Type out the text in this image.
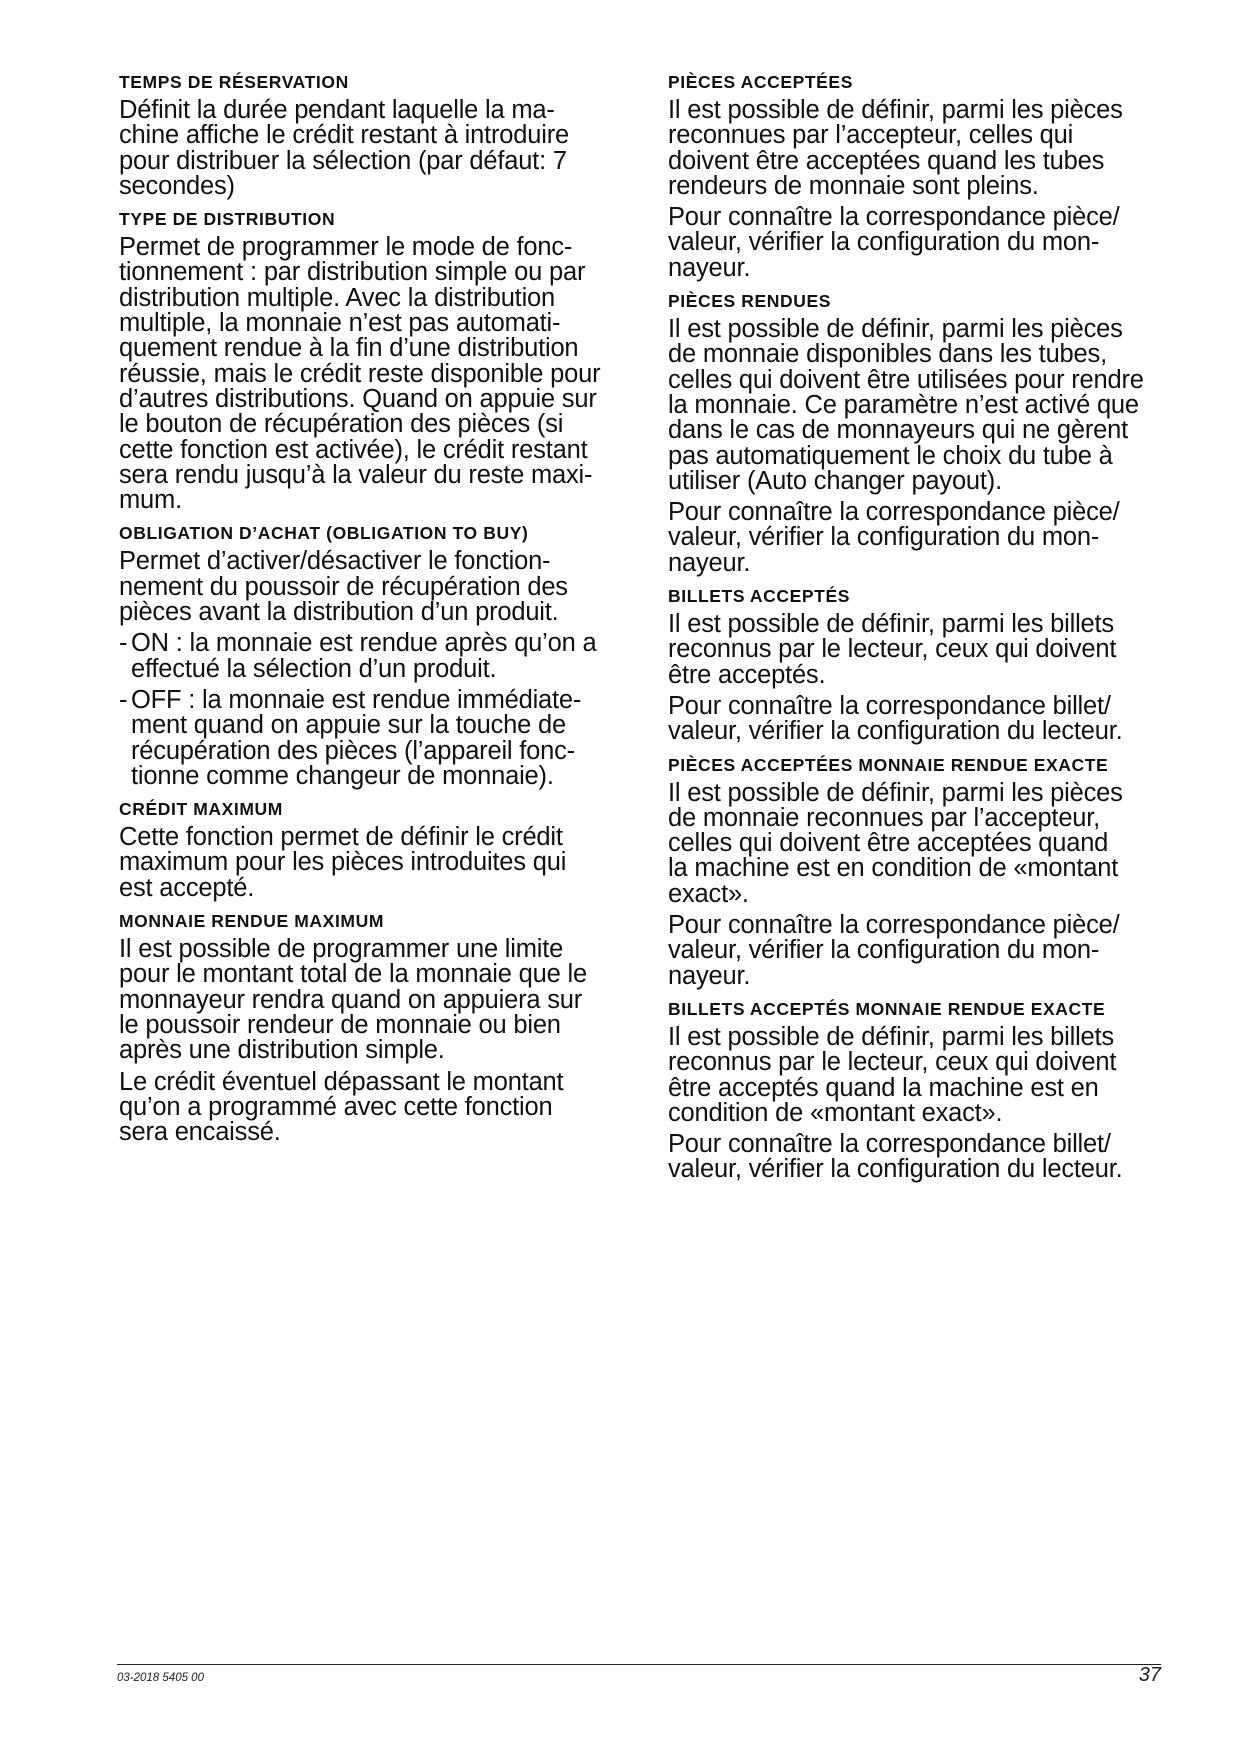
TEMPS DE RÉSERVATION
Définit la durée pendant laquelle la ma-
chine affiche le crédit restant à introduire
pour distribuer la sélection (par défaut: 7
secondes)
TYPE DE DISTRIBUTION
Permet de programmer le mode de fonc-
tionnement : par distribution simple ou par
distribution multiple. Avec la distribution
multiple, la monnaie n’est pas automati-
quement rendue à la fin d’une distribution
réussie, mais le crédit reste disponible pour
d’autres distributions. Quand on appuie sur
le bouton de récupération des pièces (si
cette fonction est activée), le crédit restant
sera rendu jusqu’à la valeur du reste maxi-
mum.
OBLIGATION D’ACHAT (OBLIGATION TO BUY)
Permet d’activer/désactiver le fonction-
nement du poussoir de récupération des
pièces avant la distribution d’un produit.
- ON : la monnaie est rendue après qu’on a
effectué la sélection d’un produit.
- OFF : la monnaie est rendue immédiate-
ment quand on appuie sur la touche de
récupération des pièces (l’appareil fonc-
tionne comme changeur de monnaie).
CRÉDIT MAXIMUM
Cette fonction permet de définir le crédit
maximum pour les pièces introduites qui
est accepté.
MONNAIE RENDUE MAXIMUM
Il est possible de programmer une limite
pour le montant total de la monnaie que le
monnayeur rendra quand on appuiera sur
le poussoir rendeur de monnaie ou bien
après une distribution simple.
Le crédit éventuel dépassant le montant
qu’on a programmé avec cette fonction
sera encaissé.
PIÈCES ACCEPTÉES
Il est possible de définir, parmi les pièces
reconnues par l’accepteur, celles qui
doivent être acceptées quand les tubes
rendeurs de monnaie sont pleins.
Pour connaître la correspondance pièce/
valeur, vérifier la configuration du mon-
nayeur.
PIÈCES RENDUES
Il est possible de définir, parmi les pièces
de monnaie disponibles dans les tubes,
celles qui doivent être utilisées pour rendre
la monnaie. Ce paramètre n’est activé que
dans le cas de monnayeurs qui ne gèrent
pas automatiquement le choix du tube à
utiliser (Auto changer payout).
Pour connaître la correspondance pièce/
valeur, vérifier la configuration du mon-
nayeur.
BILLETS ACCEPTÉS
Il est possible de définir, parmi les billets
reconnus par le lecteur, ceux qui doivent
être acceptés.
Pour connaître la correspondance billet/
valeur, vérifier la configuration du lecteur.
PIÈCES ACCEPTÉES MONNAIE RENDUE EXACTE
Il est possible de définir, parmi les pièces
de monnaie reconnues par l’accepteur,
celles qui doivent être acceptées quand
la machine est en condition de «montant
exact».
Pour connaître la correspondance pièce/
valeur, vérifier la configuration du mon-
nayeur.
BILLETS ACCEPTÉS MONNAIE RENDUE EXACTE
Il est possible de définir, parmi les billets
reconnus par le lecteur, ceux qui doivent
être acceptés quand la machine est en
condition de «montant exact».
Pour connaître la correspondance billet/
valeur, vérifier la configuration du lecteur.
03-2018 5405 00	37
